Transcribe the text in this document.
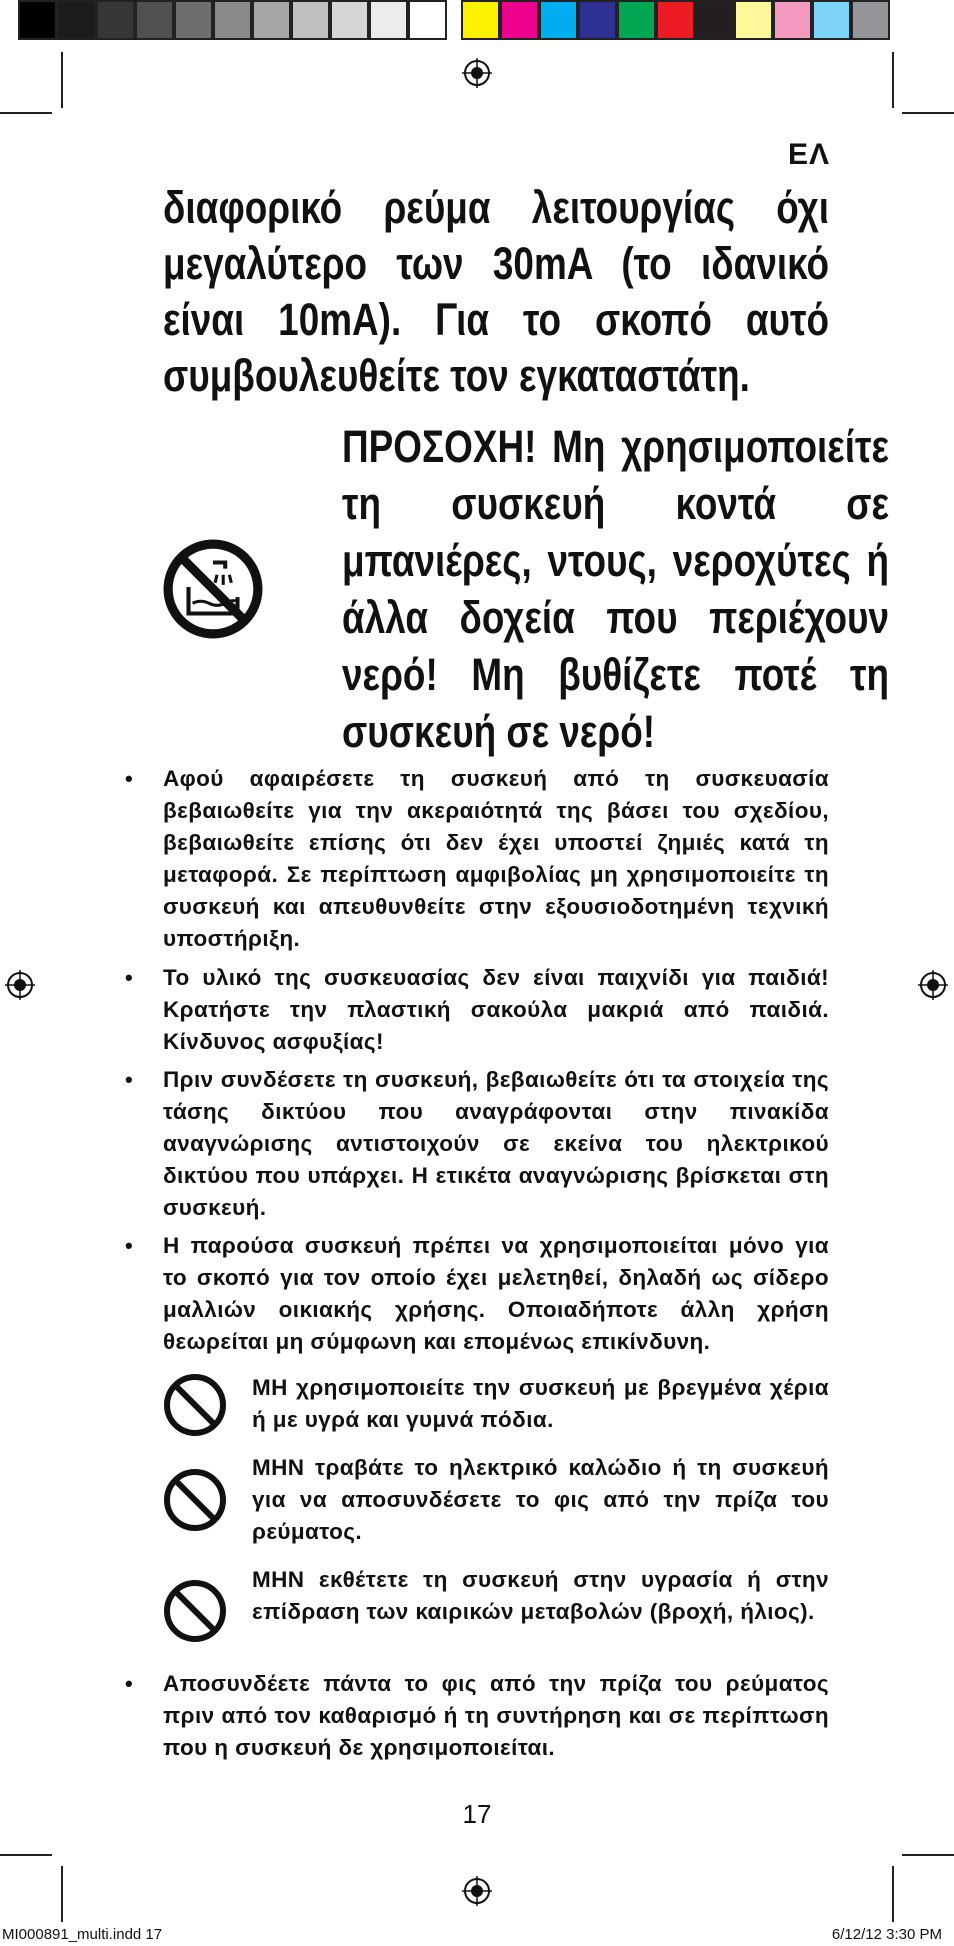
ΕΛ
διαφορικό ρεύμα λειτουργίας όχι μεγαλύτερο των 30mA (το ιδανικό είναι 10mA). Για το σκοπό αυτό συμβουλευθείτε τον εγκαταστάτη.
ΠΡΟΣΟΧΗ! Μη χρησιμοποιείτε τη συσκευή κοντά σε μπανιέρες, ντους, νεροχύτες ή άλλα δοχεία που περιέχουν νερό! Μη βυθίζετε ποτέ τη συσκευή σε νερό!
• Αφού αφαιρέσετε τη συσκευή από τη συσκευασία βεβαιωθείτε για την ακεραιότητά της βάσει του σχεδίου, βεβαιωθείτε επίσης ότι δεν έχει υποστεί ζημιές κατά τη μεταφορά. Σε περίπτωση αμφιβολίας μη χρησιμοποιείτε τη συσκευή και απευθυνθείτε στην εξουσιοδοτημένη τεχνική υποστήριξη.
• Το υλικό της συσκευασίας δεν είναι παιχνίδι για παιδιά! Κρατήστε την πλαστική σακούλα μακριά από παιδιά. Κίνδυνος ασφυξίας!
• Πριν συνδέσετε τη συσκευή, βεβαιωθείτε ότι τα στοιχεία της τάσης δικτύου που αναγράφονται στην πινακίδα αναγνώρισης αντιστοιχούν σε εκείνα του ηλεκτρικού δικτύου που υπάρχει. Η ετικέτα αναγνώρισης βρίσκεται στη συσκευή.
• Η παρούσα συσκευή πρέπει να χρησιμοποιείται μόνο για το σκοπό για τον οποίο έχει μελετηθεί, δηλαδή ως σίδερο μαλλιών οικιακής χρήσης. Οποιαδήποτε άλλη χρήση θεωρείται μη σύμφωνη και επομένως επικίνδυνη.
ΜΗ χρησιμοποιείτε την συσκευή με βρεγμένα χέρια ή με υγρά και γυμνά πόδια.
ΜΗΝ τραβάτε το ηλεκτρικό καλώδιο ή τη συσκευή για να αποσυνδέσετε το φις από την πρίζα του ρεύματος.
ΜΗΝ εκθέτετε τη συσκευή στην υγρασία ή στην επίδραση των καιρικών μεταβολών (βροχή, ήλιος).
• Αποσυνδέετε πάντα το φις από την πρίζα του ρεύματος πριν από τον καθαρισμό ή τη συντήρηση και σε περίπτωση που η συσκευή δε χρησιμοποιείται.
17
MI000891_multi.indd 17	6/12/12 3:30 PM
